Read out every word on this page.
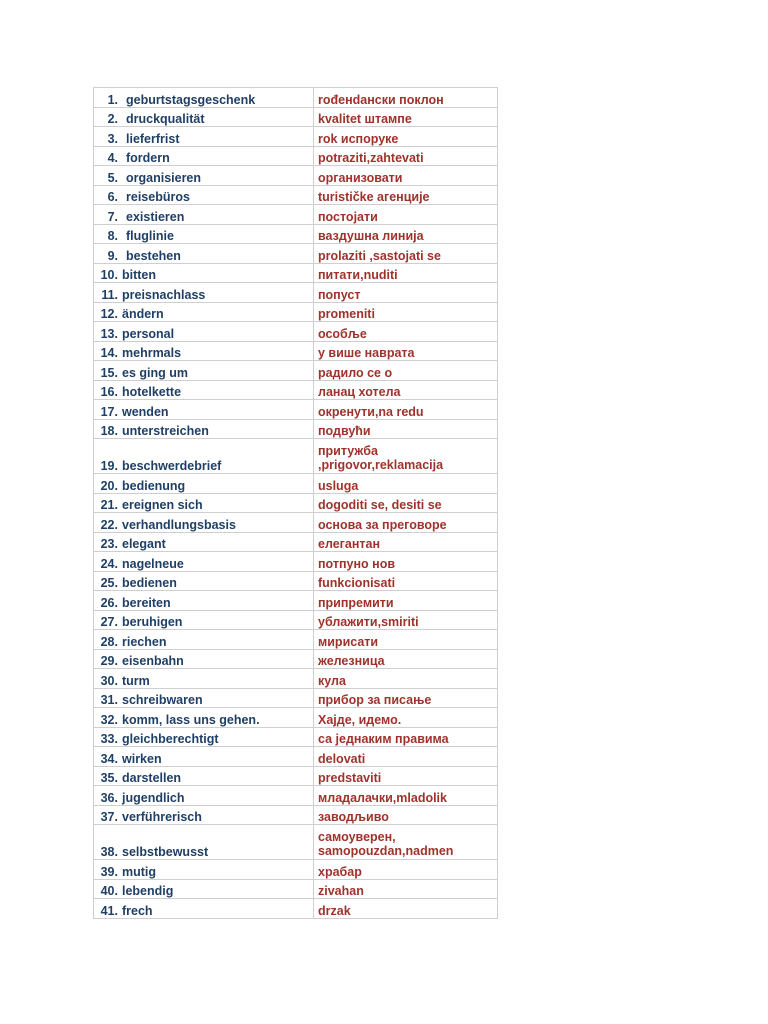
1. geburtstagsgeschenk	rođенdански поклон
2. druckqualität	kvalitet штампе
3. lieferfrist	rok испоруке
4. fordern	potraziti,zahtevati
5. organisieren	организовати
6. reisebüros	turističke агенције
7. existieren	постојати
8. fluglinie	ваздушна линија
9. bestehen	prolaziti ,sastojati se
10. bitten	питати,nuditi
11. preisnachlass	попуст
12. ändern	promeniti
13. personal	особље
14. mehrmals	у више наврата
15. es ging um	радило се о
16. hotelkette	ланац хотела
17. wenden	окренути,na redu
18. unterstreichen	подвући
19. beschwerdebrief	притужба ,prigovor,reklamacija

20. bedienung	usluga
21. ereignen sich	dogoditi se, desiti se
22. verhandlungsbasis	основа за преговоре
23. elegant	елегантан
24. nagelneue	потпуно нов
25. bedienen	funkcionisati
26. bereiten	припремити
27. beruhigen	ублажити,smiriti
28. riechen	мирисати
29. eisenbahn	железница
30. turm	кула
31. schreibwaren	прибор за писање
32. komm, lass uns gehen.	Хајде, идемо.
33. gleichberechtigt	са једнаким правима
34. wirken	delovati
35. darstellen	predstaviti
36. jugendlich	младалачки,mladolik
37. verführerisch	заводљиво
38. selbstbewusst	самоуверен, samopouzdan,nadmen

39. mutig	храбар
40. lebendig	zivahan
41. frech	drzak
